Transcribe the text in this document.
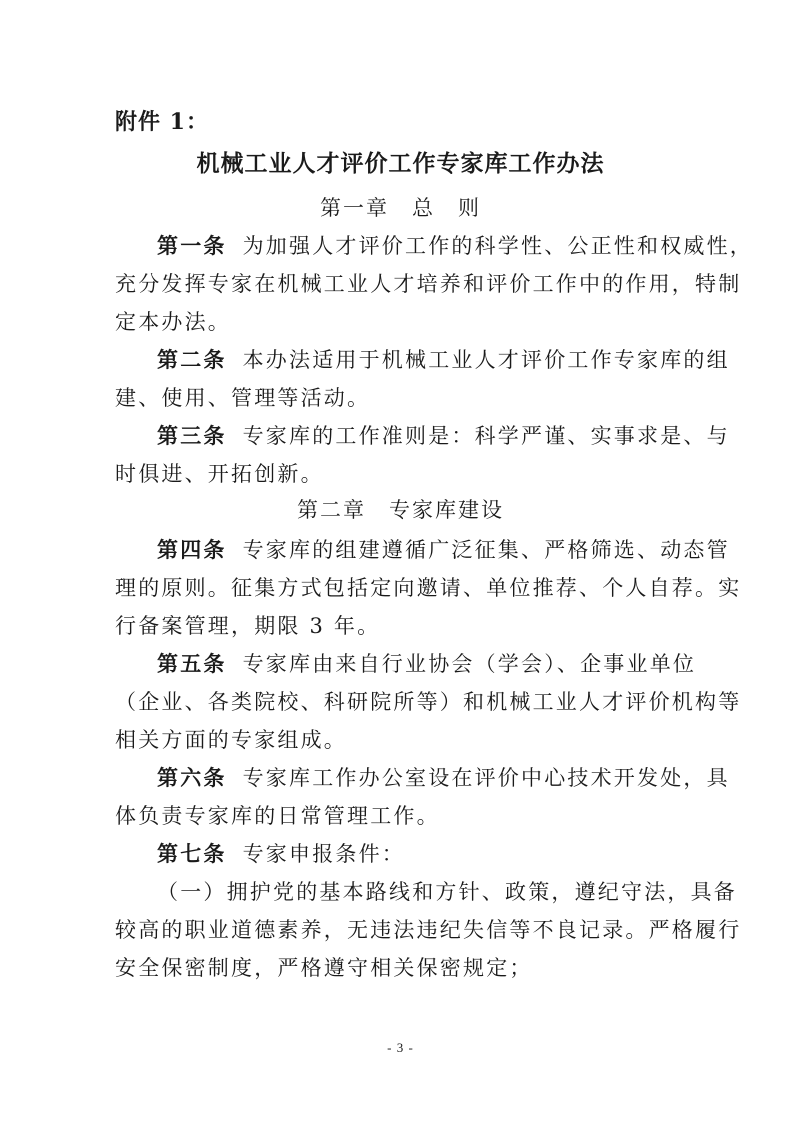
附件 1：
机械工业人才评价工作专家库工作办法
第一章　总　则
第一条 为加强人才评价工作的科学性、公正性和权威性，
充分发挥专家在机械工业人才培养和评价工作中的作用，特制
定本办法。
第二条 本办法适用于机械工业人才评价工作专家库的组
建、使用、管理等活动。
第三条 专家库的工作准则是：科学严谨、实事求是、与
时俱进、开拓创新。
第二章　专家库建设
第四条 专家库的组建遵循广泛征集、严格筛选、动态管
理的原则。征集方式包括定向邀请、单位推荐、个人自荐。实
行备案管理，期限 3 年。
第五条 专家库由来自行业协会（学会）、企事业单位
（企业、各类院校、科研院所等）和机械工业人才评价机构等
相关方面的专家组成。
第六条 专家库工作办公室设在评价中心技术开发处，具
体负责专家库的日常管理工作。
第七条 专家申报条件：
（一）拥护党的基本路线和方针、政策，遵纪守法，具备
较高的职业道德素养，无违法违纪失信等不良记录。严格履行
安全保密制度，严格遵守相关保密规定；
- 3 -
